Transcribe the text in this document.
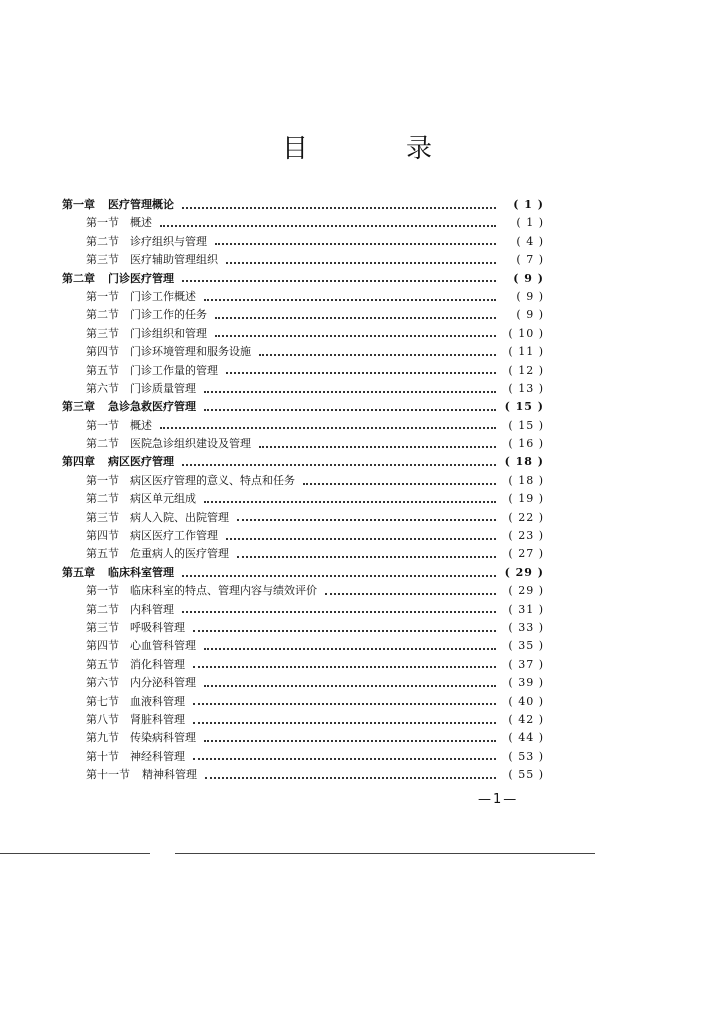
目　录
第一章	医疗管理概论	( 1 )
第一节	概述	( 1 )
第二节	诊疗组织与管理	( 4 )
第三节	医疗辅助管理组织	( 7 )
第二章	门诊医疗管理	( 9 )
第一节	门诊工作概述	( 9 )
第二节	门诊工作的任务	( 9 )
第三节	门诊组织和管理	( 10 )
第四节	门诊环境管理和服务设施	( 11 )
第五节	门诊工作量的管理	( 12 )
第六节	门诊质量管理	( 13 )
第三章	急诊急救医疗管理	( 15 )
第一节	概述	( 15 )
第二节	医院急诊组织建设及管理	( 16 )
第四章	病区医疗管理	( 18 )
第一节	病区医疗管理的意义、特点和任务	( 18 )
第二节	病区单元组成	( 19 )
第三节	病人入院、出院管理	( 22 )
第四节	病区医疗工作管理	( 23 )
第五节	危重病人的医疗管理	( 27 )
第五章	临床科室管理	( 29 )
第一节	临床科室的特点、管理内容与绩效评价	( 29 )
第二节	内科管理	( 31 )
第三节	呼吸科管理	( 33 )
第四节	心血管科管理	( 35 )
第五节	消化科管理	( 37 )
第六节	内分泌科管理	( 39 )
第七节	血液科管理	( 40 )
第八节	肾脏科管理	( 42 )
第九节	传染病科管理	( 44 )
第十节	神经科管理	( 53 )
第十一节	精神科管理	( 55 )
—1—
